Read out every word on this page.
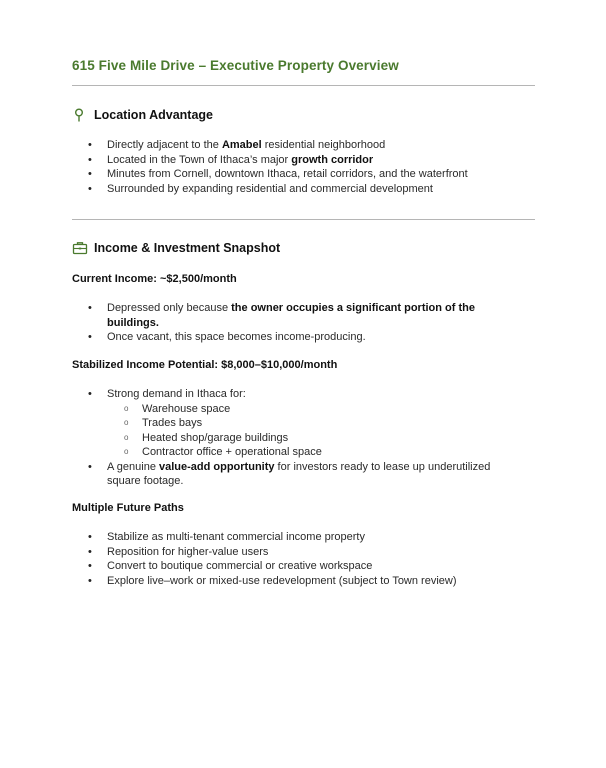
615 Five Mile Drive – Executive Property Overview
Location Advantage
• Directly adjacent to the Amabel residential neighborhood
• Located in the Town of Ithaca’s major growth corridor
• Minutes from Cornell, downtown Ithaca, retail corridors, and the waterfront
• Surrounded by expanding residential and commercial development
Income & Investment Snapshot
Current Income: ~$2,500/month
• Depressed only because the owner occupies a significant portion of the buildings.
• Once vacant, this space becomes income-producing.
Stabilized Income Potential: $8,000–$10,000/month
• Strong demand in Ithaca for:
o Warehouse space
o Trades bays
o Heated shop/garage buildings
o Contractor office + operational space
• A genuine value-add opportunity for investors ready to lease up underutilized square footage.
Multiple Future Paths
• Stabilize as multi-tenant commercial income property
• Reposition for higher-value users
• Convert to boutique commercial or creative workspace
• Explore live–work or mixed-use redevelopment (subject to Town review)
